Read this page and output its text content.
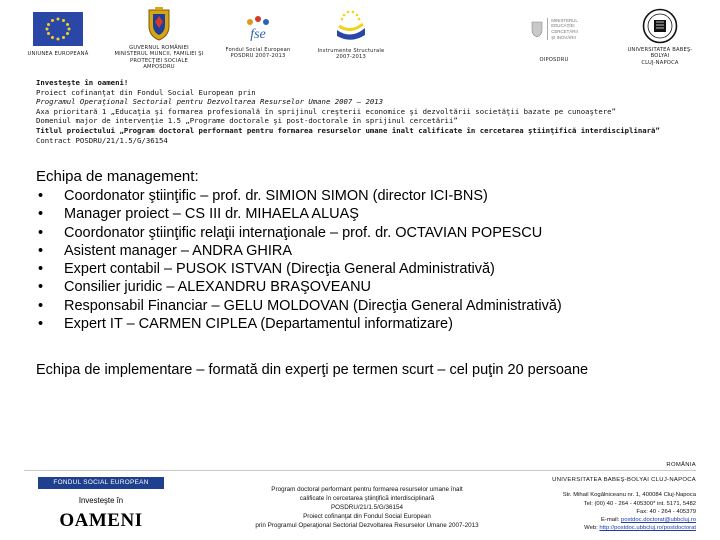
UNIUNEA EUROPEANĂ
GUVERNUL ROMÂNIEI
MINISTERUL MUNCII, FAMILIEI ŞI
PROTECŢIEI SOCIALE
AMPOSDRU
fse
Fondul Social European
POSDRU 2007-2013
Instrumente Structurale
2007-2013
MINISTERUL
EDUCAŢIEI
CERCETĂRII
ŞI INOVĂRII
OIPOSDRU
UNIVERSITATEA BABEŞ-
BOLYAI
CLUJ-NAPOCA
Investeşte în oameni!
Proiect cofinanţat din Fondul Social European prin
Programul Operaţional Sectorial pentru Dezvoltarea Resurselor Umane 2007 – 2013
Axa prioritară 1 „Educaţia şi formarea profesională în sprijinul creşterii economice şi dezvoltării societăţii bazate pe cunoaştere”
Domeniul major de intervenţie 1.5 „Programe doctorale şi post-doctorale în sprijinul cercetării”
Titlul proiectului „Program doctoral performant pentru formarea resurselor umane înalt calificate în cercetarea ştiinţifică interdisciplinară”
Contract POSDRU/21/1.5/G/36154
Echipa de management:
•	Coordonator ştiinţific – prof. dr. SIMION SIMON (director ICI-BNS)
•	Manager proiect – CS III dr. MIHAELA ALUAŞ
•	Coordonator ştiinţific relaţii internaţionale – prof. dr. OCTAVIAN POPESCU
•	Asistent manager – ANDRA GHIRA
•	Expert contabil – PUSOK ISTVAN (Direcţia General Administrativă)
•	Consilier juridic – ALEXANDRU BRAŞOVEANU
•	Responsabil Financiar – GELU MOLDOVAN (Direcţia General Administrativă)
•	Expert IT – CARMEN CIPLEA (Departamentul informatizare)
Echipa de implementare – formată din experţi pe termen scurt – cel puţin 20 persoane
FONDUL SOCIAL EUROPEAN
Investeşte în
OAMENI
Program doctoral performant pentru formarea resurselor umane înalt
calificate în cercetarea ştiinţifică interdisciplinară
POSDRU/21/1.5/G/36154
Proiect cofinanţat din Fondul Social European
prin Programul Operaţional Sectorial Dezvoltarea Resurselor Umane 2007-2013
ROMÂNIA
UNIVERSITATEA BABEŞ-BOLYAI CLUJ-NAPOCA
Str. Mihail Kogălniceanu nr. 1, 400084 Cluj-Napoca
Tel: (00) 40 - 264 - 405300* int. 5171, 5482
Fax: 40 - 264 - 405379
E-mail: postdoc.doctorat@ubbcluj.ro
Web: http://postdoc.ubbcluj.ro/postdoctorat
